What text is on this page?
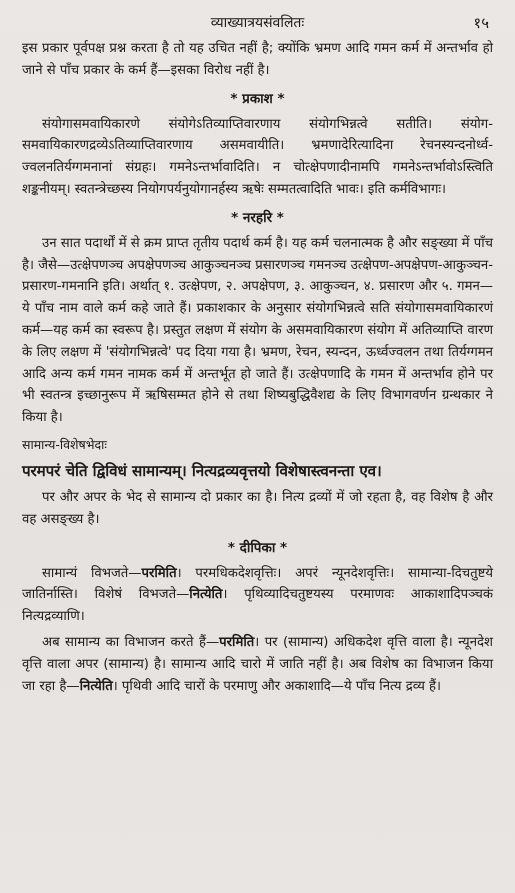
व्याख्यात्रयसंवलितः	१५

इस प्रकार पूर्वपक्ष प्रश्न करता है तो यह उचित नहीं है; क्योंकि भ्रमण आदि गमन कर्म में अन्तर्भाव हो जाने से पाँच प्रकार के कर्म हैं—इसका विरोध नहीं है।

* प्रकाश *

संयोगासमवायिकारणे संयोगेऽतिव्याप्तिवारणाय संयोगभिन्नत्वे सतीति। संयोग-समवायिकारणद्रव्येऽतिव्याप्तिवारणाय असमवायीति। भ्रमणादेरित्यादिना रेचनस्यन्दनोर्ध्व-ज्वलनतिर्यग्गमनानां संग्रहः। गमनेऽन्तर्भावादिति। न चोत्क्षेपणादीनामपि गमनेऽन्तर्भावोऽस्त्विति शङ्कनीयम्। स्वतन्त्रेच्छस्य नियोगपर्यनुयोगानर्हस्य ऋषेः सम्मतत्वादिति भावः। इति कर्मविभागः।

* नरहरि *

उन सात पदार्थों में से क्रम प्राप्त तृतीय पदार्थ कर्म है। यह कर्म चलनात्मक है और सङ्ख्या में पाँच है। जैसे—उत्क्षेपणञ्च अपक्षेपणञ्च आकुञ्चनञ्च प्रसारणञ्च गमनञ्च उत्क्षेपण-अपक्षेपण-आकुञ्चन-प्रसारण-गमनानि इति। अर्थात् १. उत्क्षेपण, २. अपक्षेपण, ३. आकुञ्चन, ४. प्रसारण और ५. गमन—ये पाँच नाम वाले कर्म कहे जाते हैं। प्रकाशकार के अनुसार संयोगभिन्नत्वे सति संयोगासमवायिकारणं कर्म—यह कर्म का स्वरूप है। प्रस्तुत लक्षण में संयोग के असमवायिकारण संयोग में अतिव्याप्ति वारण के लिए लक्षण में 'संयोगभिन्नत्वे' पद दिया गया है। भ्रमण, रेचन, स्यन्दन, ऊर्ध्वज्वलन तथा तिर्यग्गमन आदि अन्य कर्म गमन नामक कर्म में अन्तर्भूत हो जाते हैं। उत्क्षेपणादि के गमन में अन्तर्भाव होने पर भी स्वतन्त्र इच्छानुरूप में ऋषिसम्मत होने से तथा शिष्यबुद्धिवैशद्य के लिए विभागवर्णन ग्रन्थकार ने किया है।

सामान्य-विशेषभेदाः
परमपरं चेति द्विविधं सामान्यम्। नित्यद्रव्यवृत्तयो विशेषास्त्वनन्ता एव।

पर और अपर के भेद से सामान्य दो प्रकार का है। नित्य द्रव्यों में जो रहता है, वह विशेष है और वह असङ्ख्य है।

* दीपिका *

सामान्यं विभजते—परमिति। परमधिकदेशवृत्तिः। अपरं न्यूनदेशवृत्तिः। सामान्या-दिचतुष्टये जातिर्नास्ति। विशेषं विभजते—नित्येति। पृथिव्यादिचतुष्टयस्य परमाणवः आकाशादिपञ्चकं नित्यद्रव्याणि।

अब सामान्य का विभाजन करते हैं—परमिति। पर (सामान्य) अधिकदेश वृत्ति वाला है। न्यूनदेश वृत्ति वाला अपर (सामान्य) है। सामान्य आदि चारो में जाति नहीं है। अब विशेष का विभाजन किया जा रहा है—नित्येति। पृथिवी आदि चारों के परमाणु और अकाशादि—ये पाँच नित्य द्रव्य हैं।
